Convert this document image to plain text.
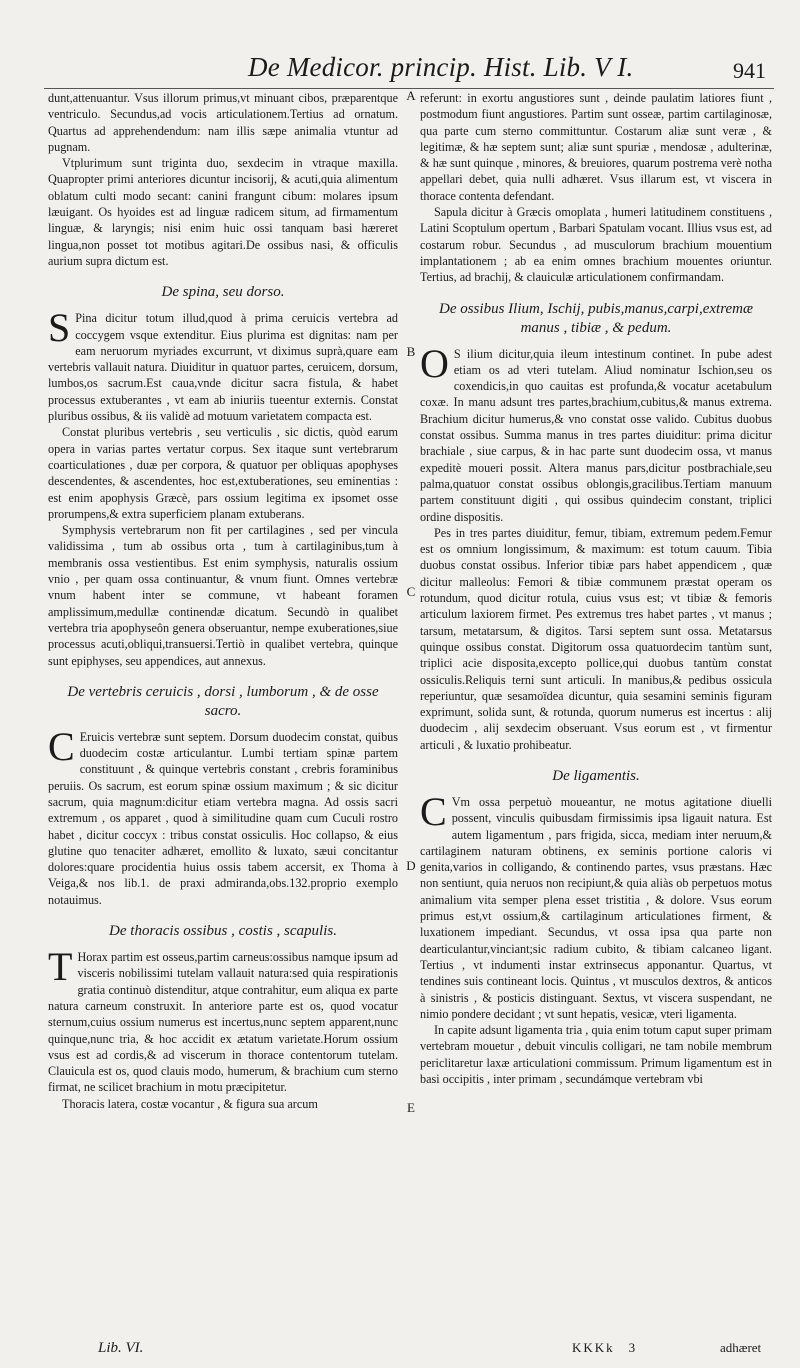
De Medicor. princip. Hist. Lib. V I.	941
A
B
C
D
E

dunt,attenuantur. Vsus illorum primus,vt minuant cibos, præparentque ventriculo. Secundus,ad vocis articulationem.Tertius ad ornatum. Quartus ad apprehendendum: nam illis sæpe animalia vtuntur ad pugnam.

Vtplurimum sunt triginta duo, sexdecim in vtraque maxilla. Quapropter primi anteriores dicuntur incisorij, & acuti,quia alimentum oblatum culti modo secant: canini frangunt cibum: molares ipsum læuigant. Os hyoides est ad linguæ radicem situm, ad firmamentum linguæ, & laryngis; nisi enim huic ossi tanquam basi hæreret lingua,non posset tot motibus agitari.De ossibus nasi, & officulis aurium supra dictum est.

De spina, seu dorso.

S Pina dicitur totum illud,quod à prima ceruicis vertebra ad coccygem vsque extenditur. Eius plurima est dignitas: nam per eam neruorum myriades excurrunt, vt diximus suprà,quare eam vertebris vallauit natura. Diuiditur in quatuor partes, ceruicem, dorsum, lumbos,os sacrum.Est caua,vnde dicitur sacra fistula, & habet processus extuberantes , vt eam ab iniuriis tueentur externis. Constat pluribus ossibus, & iis validè ad motuum varietatem compacta est.

Constat pluribus vertebris , seu verticulis , sic dictis, quòd earum opera in varias partes vertatur corpus. Sex itaque sunt vertebrarum coarticulationes , duæ per corpora, & quatuor per obliquas apophyses descendentes, & ascendentes, hoc est,extuberationes, seu eminentias : est enim apophysis Græcè, pars ossium legitima ex ipsomet osse prorumpens,& extra superficiem planam extuberans.

Symphysis vertebrarum non fit per cartilagines , sed per vincula validissima , tum ab ossibus orta , tum à cartilaginibus,tum à membranis ossa vestientibus. Est enim symphysis, naturalis ossium vnio , per quam ossa continuantur, & vnum fiunt. Omnes vertebræ vnum habent inter se commune, vt habeant foramen amplissimum,medullæ continendæ dicatum. Secundò in qualibet vertebra tria apophyseôn genera obseruantur, nempe exuberationes,siue processus acuti,obliqui,transuersi.Tertiò in qualibet vertebra, quinque sunt epiphyses, seu appendices, aut annexus.

De vertebris ceruicis , dorsi , lumborum , & de osse sacro.

C Eruicis vertebræ sunt septem. Dorsum duodecim constat, quibus duodecim costæ articulantur. Lumbi tertiam spinæ partem constituunt , & quinque vertebris constant , crebris foraminibus peruiis. Os sacrum, est eorum spinæ ossium maximum ; & sic dicitur sacrum, quia magnum:dicitur etiam vertebra magna. Ad ossis sacri extremum , os apparet , quod à similitudine quam cum Cuculi rostro habet , dicitur coccyx : tribus constat ossiculis. Hoc collapso, & eius glutine quo tenaciter adhæret, emollito & luxato, sæui concitantur dolores:quare procidentia huius ossis tabem accersit, ex Thoma à Veiga,& nos lib.1. de praxi admiranda,obs.132.proprio exemplo notauimus.

De thoracis ossibus , costis , scapulis.

T Horax partim est osseus,partim carneus:ossibus namque ipsum ad visceris nobilissimi tutelam vallauit natura:sed quia respirationis gratia continuò distenditur, atque contrahitur, eum aliqua ex parte natura carneum construxit. In anteriore parte est os, quod vocatur sternum,cuius ossium numerus est incertus,nunc septem apparent,nunc quinque,nunc tria, & hoc accidit ex ætatum varietate.Horum ossium vsus est ad cordis,& ad viscerum in thorace contentorum tutelam. Clauicula est os, quod clauis modo, humerum, & brachium cum sterno firmat, ne scilicet brachium in motu præcipitetur.

Thoracis latera, costæ vocantur , & figura sua arcum

referunt: in exortu angustiores sunt , deinde paulatim latiores fiunt , postmodum fiunt angustiores. Partim sunt osseæ, partim cartilaginosæ, qua parte cum sterno committuntur. Costarum aliæ sunt veræ , & legitimæ, & hæ septem sunt; aliæ sunt spuriæ , mendosæ , adulterinæ, & hæ sunt quinque , minores, & breuiores, quarum postrema verè notha appellari debet, quia nulli adhæret. Vsus illarum est, vt viscera in thorace contenta defendant.

Sapula dicitur à Græcis omoplata , humeri latitudinem constituens , Latini Scoptulum opertum , Barbari Spatulam vocant. Illius vsus est, ad costarum robur. Secundus , ad musculorum brachium mouentium implantationem ; ab ea enim omnes brachium mouentes oriuntur. Tertius, ad brachij, & clauiculæ articulationem confirmandam.

De ossibus Ilium, Ischij, pubis,manus,carpi,extremæ manus , tibiæ , & pedum.

O S ilium dicitur,quia ileum intestinum continet. In pube adest etiam os ad vteri tutelam. Aliud nominatur Ischion,seu os coxendicis,in quo cauitas est profunda,& vocatur acetabulum coxæ. In manu adsunt tres partes,brachium,cubitus,& manus extrema. Brachium dicitur humerus,& vno constat osse valido. Cubitus duobus constat ossibus. Summa manus in tres partes diuiditur: prima dicitur brachiale , siue carpus, & in hac parte sunt duodecim ossa, vt manus expeditè moueri possit. Altera manus pars,dicitur postbrachiale,seu palma,quatuor constat ossibus oblongis,gracilibus.Tertiam manuum partem constituunt digiti , qui ossibus quindecim constant, triplici ordine dispositis.

Pes in tres partes diuiditur, femur, tibiam, extremum pedem.Femur est os omnium longissimum, & maximum: est totum cauum. Tibia duobus constat ossibus. Inferior tibiæ pars habet appendicem , quæ dicitur malleolus: Femori & tibiæ communem præstat operam os rotundum, quod dicitur rotula, cuius vsus est; vt tibiæ & femoris articulum laxiorem firmet. Pes extremus tres habet partes , vt manus ; tarsum, metatarsum, & digitos. Tarsi septem sunt ossa. Metatarsus quinque ossibus constat. Digitorum ossa quatuordecim tantùm sunt, triplici acie disposita,excepto pollice,qui duobus tantùm constat ossiculis.Reliquis terni sunt articuli. In manibus,& pedibus ossicula reperiuntur, quæ sesamoïdea dicuntur, quia sesamini seminis figuram exprimunt, solida sunt, & rotunda, quorum numerus est incertus : alij duodecim , alij sexdecim obseruant. Vsus eorum est , vt firmentur articuli , & luxatio prohibeatur.

De ligamentis.

C Vm ossa perpetuò moueantur, ne motus agitatione diuelli possent, vinculis quibusdam firmissimis ipsa ligauit natura. Est autem ligamentum , pars frigida, sicca, mediam inter neruum,& cartilaginem naturam obtinens, ex seminis portione caloris vi genita,varios in colligando, & continendo partes, vsus præstans. Hæc non sentiunt, quia neruos non recipiunt,& quia aliàs ob perpetuos motus animalium vita semper plena esset tristitia , & dolore. Vsus eorum primus est,vt ossium,& cartilaginum articulationes firment, & luxationem impediant. Secundus, vt ossa ipsa qua parte non dearticulantur,vinciant;sic radium cubito, & tibiam calcaneo ligant. Tertius , vt indumenti instar extrinsecus apponantur. Quartus, vt tendines suis contineant locis. Quintus , vt musculos dextros, & anticos à sinistris , & posticis distinguant. Sextus, vt viscera suspendant, ne nimio pondere decidant ; vt sunt hepatis, vesicæ, vteri ligamenta.

In capite adsunt ligamenta tria , quia enim totum caput super primam vertebram mouetur , debuit vinculis colligari, ne tam nobile membrum periclitaretur laxæ articulationi commissum. Primum ligamentum est in basi occipitis , inter primam , secundámque vertebram vbi

Lib. VI.	KKKk 3	adhæret
